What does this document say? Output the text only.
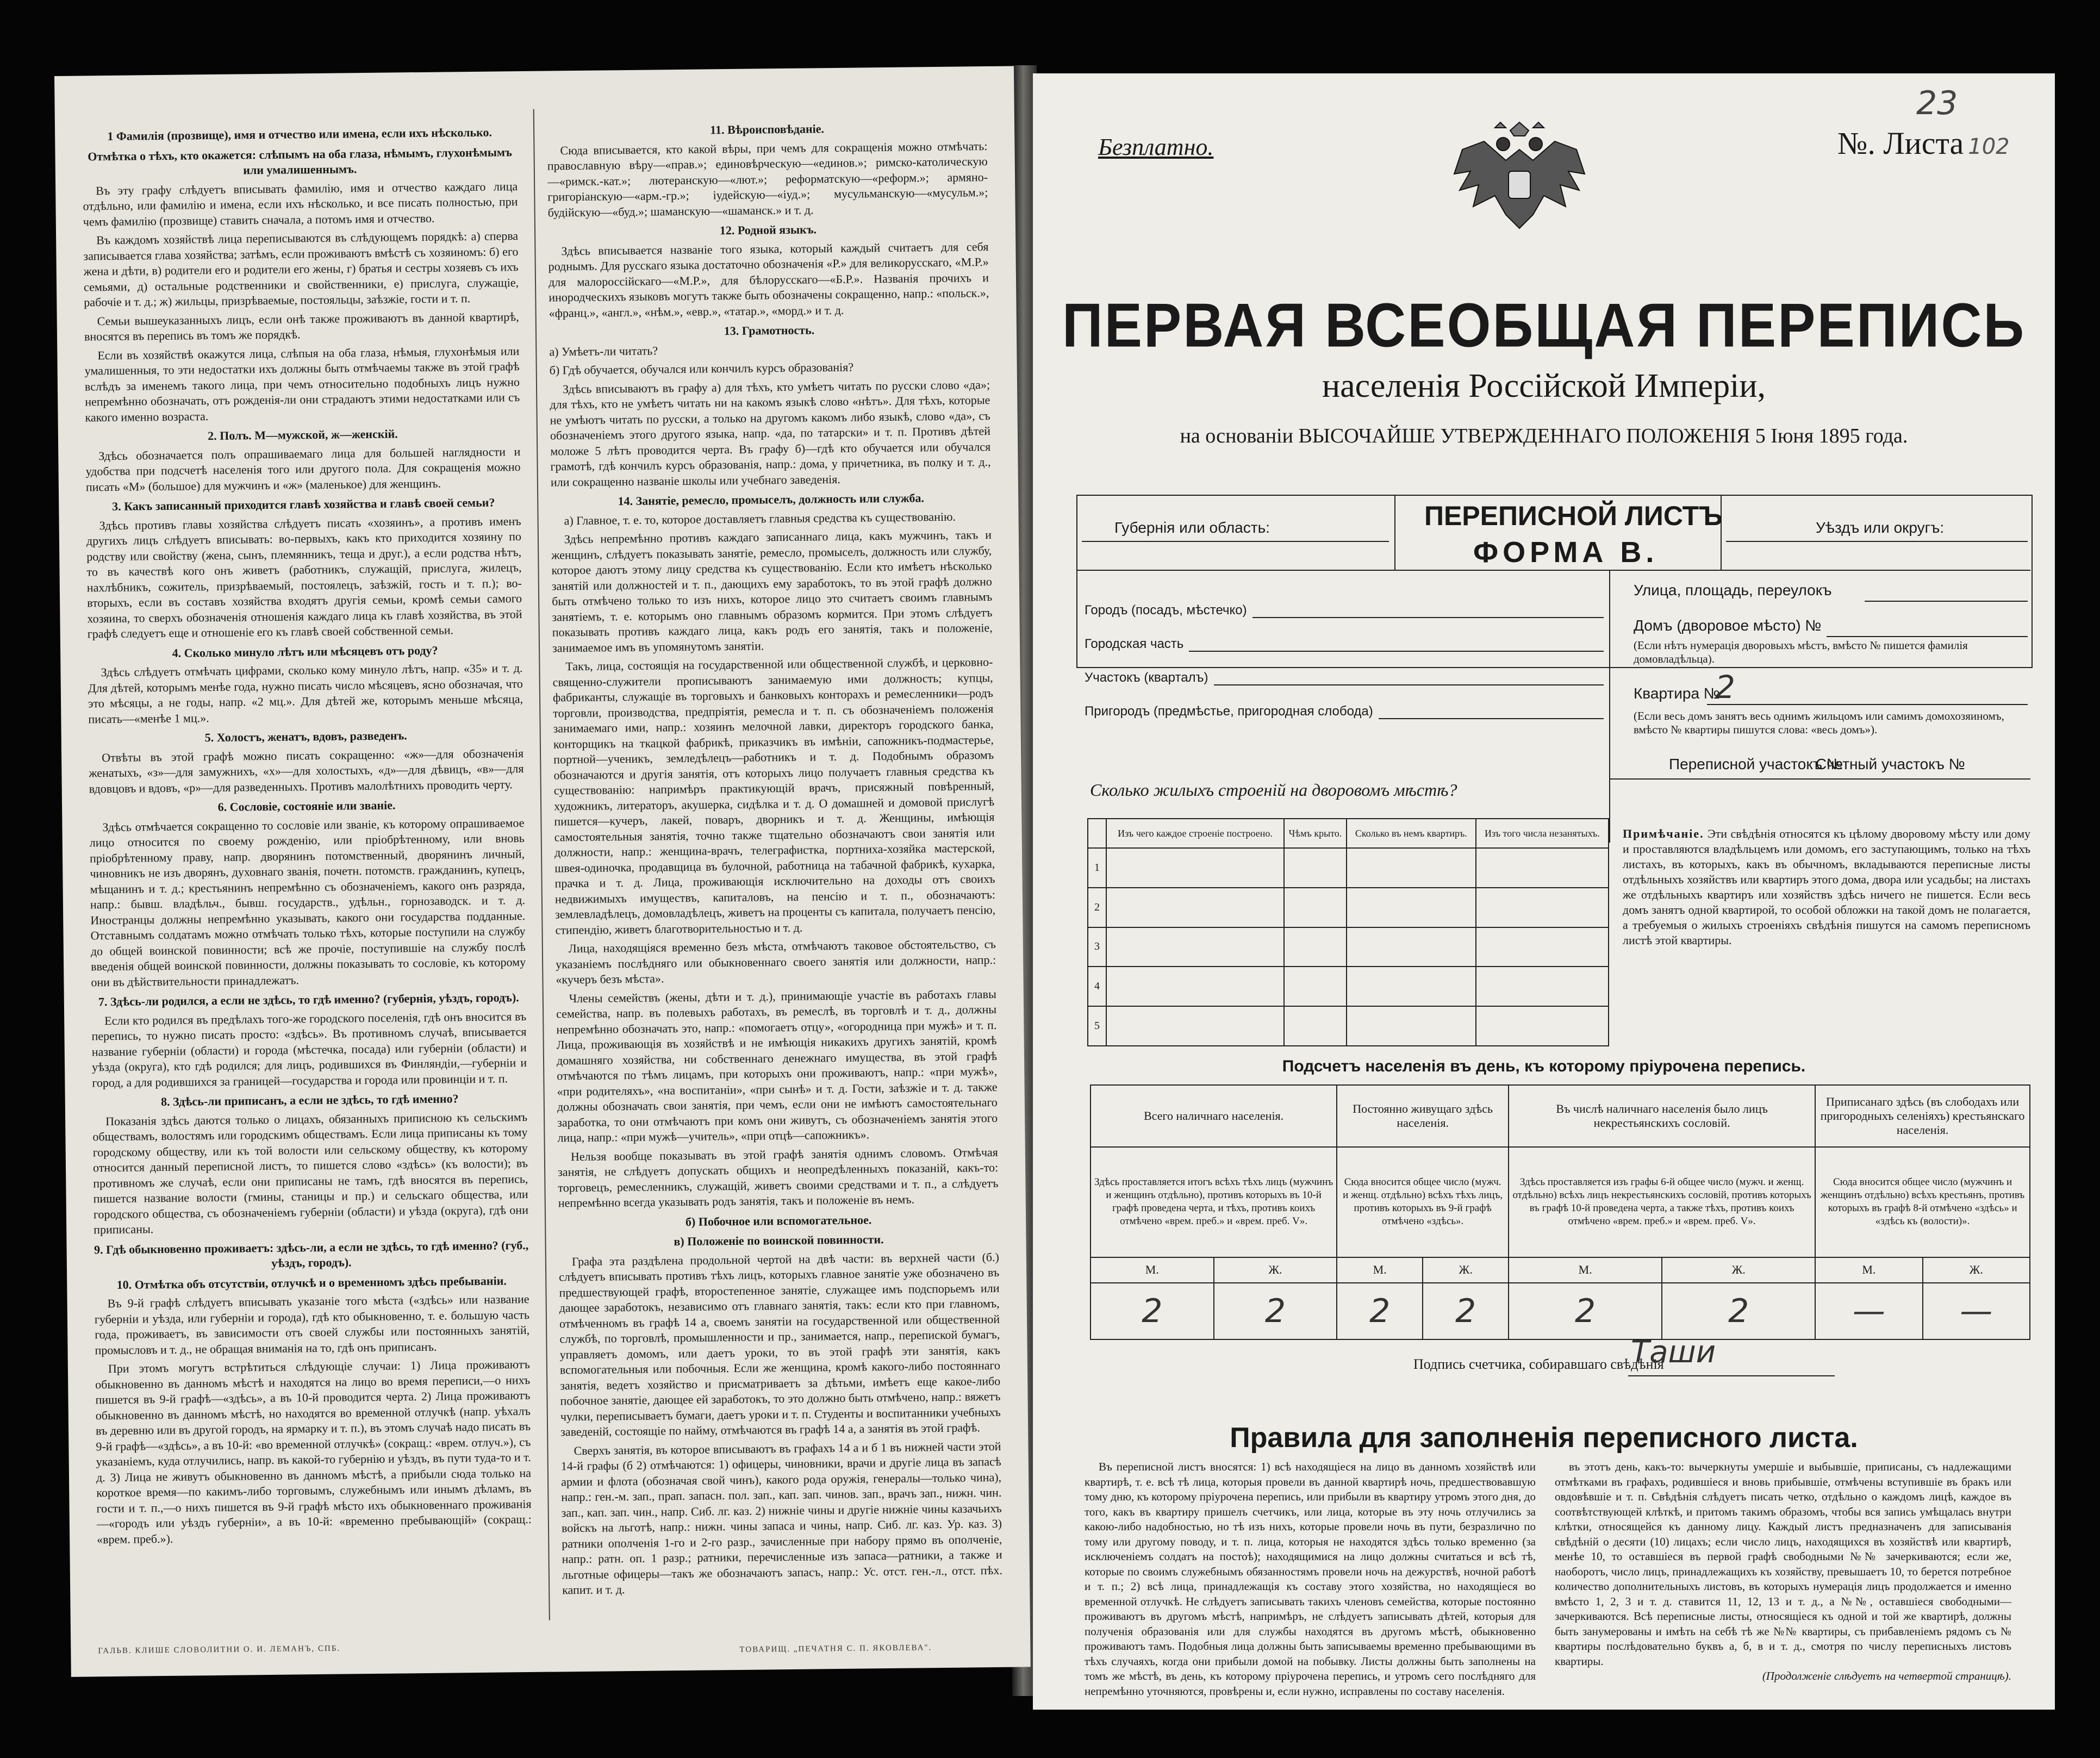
1 Фамилія (прозвище), имя и отчество или имена, если ихъ нѣсколько.

Отмѣтка о тѣхъ, кто окажется: слѣпымъ на оба глаза, нѣмымъ, глухонѣмымъ или умалишеннымъ.

Въ эту графу слѣдуетъ вписывать фамилію, имя и отчество каждаго лица отдѣльно, или фамилію и имена, если ихъ нѣсколько, и все писать полностью, при чемъ фамилію (прозвище) ставить сначала, а потомъ имя и отчество.

Въ каждомъ хозяйствѣ лица переписываются въ слѣдующемъ порядкѣ: а) сперва записывается глава хозяйства; затѣмъ, если проживаютъ вмѣстѣ съ хозяиномъ: б) его жена и дѣти, в) родители его и родители его жены, г) братья и сестры хозяевъ съ ихъ семьями, д) остальные родственники и свойственники, е) прислуга, служащіе, рабочіе и т. д.; ж) жильцы, призрѣваемые, постояльцы, заѣзжіе, гости и т. п.

Семьи вышеуказанныхъ лицъ, если онѣ также проживаютъ въ данной квартирѣ, вносятся въ перепись въ томъ же порядкѣ.

Если въ хозяйствѣ окажутся лица, слѣпыя на оба глаза, нѣмыя, глухонѣмыя или умалишенныя, то эти недостатки ихъ должны быть отмѣчаемы также въ этой графѣ вслѣдъ за именемъ такого лица, при чемъ относительно подобныхъ лицъ нужно непремѣнно обозначать, отъ рожденія-ли они страдаютъ этими недостатками или съ какого именно возраста.

2. Полъ. М—мужской, ж—женскій.

Здѣсь обозначается полъ опрашиваемаго лица для большей наглядности и удобства при подсчетѣ населенія того или другого пола. Для сокращенія можно писать «М» (большое) для мужчинъ и «ж» (маленькое) для женщинъ.

3. Какъ записанный приходится главѣ хозяйства и главѣ своей семьи?

Здѣсь противъ главы хозяйства слѣдуетъ писать «хозяинъ», а противъ именъ другихъ лицъ слѣдуетъ вписывать: во-первыхъ, какъ кто приходится хозяину по родству или свойству (жена, сынъ, племянникъ, теща и друг.), а если родства нѣтъ, то въ качествѣ кого онъ живетъ (работникъ, служащій, прислуга, жилецъ, нахлѣбникъ, сожитель, призрѣваемый, постоялецъ, заѣзжій, гость и т. п.); во-вторыхъ, если въ составъ хозяйства входятъ другія семьи, кромѣ семьи самого хозяина, то сверхъ обозначенія отношенія каждаго лица къ главѣ хозяйства, въ этой графѣ следуетъ еще и отношеніе его къ главѣ своей собственной семьи.

4. Сколько минуло лѣтъ или мѣсяцевъ отъ роду?

Здѣсь слѣдуетъ отмѣчать цифрами, сколько кому минуло лѣтъ, напр. «35» и т. д. Для дѣтей, которымъ менѣе года, нужно писать число мѣсяцевъ, ясно обозначая, что это мѣсяцы, а не годы, напр. «2 мц.». Для дѣтей же, которымъ меньше мѣсяца, писать—«менѣе 1 мц.».

5. Холостъ, женатъ, вдовъ, разведенъ.

Отвѣты въ этой графѣ можно писать сокращенно: «ж»—для обозначенія женатыхъ, «з»—для замужнихъ, «х»—для холостыхъ, «д»—для дѣвицъ, «в»—для вдовцовъ и вдовъ, «р»—для разведенныхъ. Противъ малолѣтнихъ проводить черту.

6. Сословіе, состояніе или званіе.

Здѣсь отмѣчается сокращенно то сословіе или званіе, къ которому опрашиваемое лицо относится по своему рожденію, или пріобрѣтенному, или вновь пріобрѣтенному праву, напр. дворянинъ потомственный, дворянинъ личный, чиновникъ не изъ дворянъ, духовнаго званія, почетн. потомств. гражданинъ, купецъ, мѣщанинъ и т. д.; крестьянинъ непремѣнно съ обозначеніемъ, какого онъ разряда, напр.: бывш. владѣльч., бывш. государств., удѣльн., горнозаводск. и т. д. Иностранцы должны непремѣнно указывать, какого они государства подданные. Отставнымъ солдатамъ можно отмѣчать только тѣхъ, которые поступили на службу до общей воинской повинности; всѣ же прочіе, поступившіе на службу послѣ введенія общей воинской повинности, должны показывать то сословіе, къ которому они въ дѣйствительности принадлежатъ.

7. Здѣсь-ли родился, а если не здѣсь, то гдѣ именно? (губернія, уѣздъ, городъ).

Если кто родился въ предѣлахъ того-же городского поселенія, гдѣ онъ вносится въ перепись, то нужно писать просто: «здѣсь». Въ противномъ случаѣ, вписывается название губерніи (области) и города (мѣстечка, посада) или губерніи (области) и уѣзда (округа), кто гдѣ родился; для лицъ, родившихся въ Финляндіи,—губерніи и город, а для родившихся за границей—государства и города или провинціи и т. п.

8. Здѣсь-ли приписанъ, а если не здѣсь, то гдѣ именно?

Показанія здѣсь даются только о лицахъ, обязанныхъ приписною къ сельскимъ обществамъ, волостямъ или городскимъ обществамъ. Если лица приписаны къ тому городскому обществу, или къ той волости или сельскому обществу, къ которому относится данный переписной листъ, то пишется слово «здѣсь» (къ волости); въ противномъ же случаѣ, если они приписаны не тамъ, гдѣ вносятся въ перепись, пишется название волости (гмины, станицы и пр.) и сельскаго общества, или городского общества, съ обозначеніемъ губерніи (области) и уѣзда (округа), гдѣ они приписаны.

9. Гдѣ обыкновенно проживаетъ: здѣсь-ли, а если не здѣсь, то гдѣ именно? (губ., уѣздъ, городъ).

10. Отмѣтка объ отсутствіи, отлучкѣ и о временномъ здѣсь пребываніи.

Въ 9-й графѣ слѣдуетъ вписывать указаніе того мѣста («здѣсь» или название губерніи и уѣзда, или губерніи и города), гдѣ кто обыкновенно, т. е. большую часть года, проживаетъ, въ зависимости отъ своей службы или постоянныхъ занятій, промысловъ и т. д., не обращая вниманія на то, гдѣ онъ приписанъ.

При этомъ могутъ встрѣтиться слѣдующіе случаи: 1) Лица проживаютъ обыкновенно въ данномъ мѣстѣ и находятся на лицо во время переписи,—о нихъ пишется въ 9-й графѣ—«здѣсь», а въ 10-й проводится черта. 2) Лица проживаютъ обыкновенно въ данномъ мѣстѣ, но находятся во временной отлучкѣ (напр. уѣхалъ въ деревню или въ другой городъ, на ярмарку и т. п.), въ этомъ случаѣ надо писать въ 9-й графѣ—«здѣсь», а въ 10-й: «во временной отлучкѣ» (сокращ.: «врем. отлуч.»), съ указаніемъ, куда отлучились, напр. въ какой-то губернію и уѣздъ, въ пути туда-то и т. д. 3) Лица не живутъ обыкновенно въ данномъ мѣстѣ, а прибыли сюда только на короткое время—по какимъ-либо торговымъ, служебнымъ или инымъ дѣламъ, въ гости и т. п.,—о нихъ пишется въ 9-й графѣ мѣсто ихъ обыкновеннаго проживанія—«городъ или уѣздъ губерніи», а въ 10-й: «временно пребывающій» (сокращ.: «врем. преб.»).

11. Вѣроисповѣданіе.

Сюда вписывается, кто какой вѣры, при чемъ для сокращенія можно отмѣчать: православную вѣру—«прав.»; единовѣрческую—«единов.»; римско-католическую—«римск.-кат.»; лютеранскую—«лют.»; реформатскую—«реформ.»; армяно-григоріанскую—«арм.-гр.»; іудейскую—«іуд.»; мусульманскую—«мусульм.»; будійскую—«буд.»; шаманскую—«шаманск.» и т. д.

12. Родной языкъ.

Здѣсь вписывается названіе того языка, который каждый считаетъ для себя роднымъ. Для русскаго языка достаточно обозначенія «Р.» для великорусскаго, «М.Р.» для малороссійскаго—«М.Р.», для бѣлорусскаго—«Б.Р.». Названія прочихъ и инородческихъ языковъ могутъ также быть обозначены сокращенно, напр.: «польск.», «франц.», «англ.», «нѣм.», «евр.», «татар.», «морд.» и т. д.

13. Грамотность.

а) Умѣетъ-ли читать?

б) Гдѣ обучается, обучался или кончилъ курсъ образованія?

Здѣсь вписываютъ въ графу а) для тѣхъ, кто умѣетъ читать по русски слово «да»; для тѣхъ, кто не умѣетъ читать ни на какомъ языкѣ слово «нѣтъ». Для тѣхъ, которые не умѣютъ читать по русски, а только на другомъ какомъ либо языкѣ, слово «да», съ обозначеніемъ этого другого языка, напр. «да, по татарски» и т. п. Противъ дѣтей моложе 5 лѣтъ проводится черта. Въ графу б)—гдѣ кто обучается или обучался грамотѣ, гдѣ кончилъ курсъ образованія, напр.: дома, у причетника, въ полку и т. д., или сокращенно названіе школы или учебнаго заведенія.

14. Занятіе, ремесло, промыселъ, должность или служба.

а) Главное, т. е. то, которое доставляетъ главныя средства къ существованію.

Здѣсь непремѣнно противъ каждаго записаннаго лица, какъ мужчинъ, такъ и женщинъ, слѣдуетъ показывать занятіе, ремесло, промыселъ, должность или службу, которое даютъ этому лицу средства къ существованію. Если кто имѣетъ нѣсколько занятій или должностей и т. п., дающихъ ему заработокъ, то въ этой графѣ должно быть отмѣчено только то изъ нихъ, которое лицо это считаетъ своимъ главнымъ занятіемъ, т. е. которымъ оно главнымъ образомъ кормится. При этомъ слѣдуетъ показывать противъ каждаго лица, какъ родъ его занятія, такъ и положеніе, занимаемое имъ въ упомянутомъ занятіи.

Такъ, лица, состоящія на государственной или общественной службѣ, и церковно-священно-служители прописываютъ занимаемую ими должность; купцы, фабриканты, служащіе въ торговыхъ и банковыхъ конторахъ и ремесленники—родъ торговли, производства, предпріятія, ремесла и т. п. съ обозначеніемъ положенія занимаемаго ими, напр.: хозяинъ мелочной лавки, директоръ городского банка, конторщикъ на ткацкой фабрикѣ, приказчикъ въ имѣніи, сапожникъ-подмастерье, портной—ученикъ, земледѣлецъ—работникъ и т. д. Подобнымъ образомъ обозначаются и другія занятія, отъ которыхъ лицо получаетъ главныя средства къ существованію: напримѣръ практикующій врачъ, присяжный повѣренный, художникъ, литераторъ, акушерка, сидѣлка и т. д. О домашней и домовой прислугѣ пишется—кучеръ, лакей, поваръ, дворникъ и т. д. Женщины, имѣющія самостоятельныя занятія, точно также тщательно обозначаютъ свои занятія или должности, напр.: женщина-врачъ, телеграфистка, портниха-хозяйка мастерской, швея-одиночка, продавщица въ булочной, работница на табачной фабрикѣ, кухарка, прачка и т. д. Лица, проживающія исключительно на доходы отъ своихъ недвижимыхъ имуществъ, капиталовъ, на пенсію и т. п., обозначаютъ: землевладѣлецъ, домовладѣлецъ, живетъ на проценты съ капитала, получаетъ пенсію, стипендію, живетъ благотворительностью и т. д.

Лица, находящіяся временно безъ мѣста, отмѣчаютъ таковое обстоятельство, съ указаніемъ послѣдняго или обыкновеннаго своего занятія или должности, напр.: «кучеръ безъ мѣста».

Члены семействъ (жены, дѣти и т. д.), принимающіе участіе въ работахъ главы семейства, напр. въ полевыхъ работахъ, въ ремеслѣ, въ торговлѣ и т. д., должны непремѣнно обозначать это, напр.: «помогаетъ отцу», «огородница при мужѣ» и т. п. Лица, проживающія въ хозяйствѣ и не имѣющія никакихъ другихъ занятій, кромѣ домашняго хозяйства, ни собственнаго денежнаго имущества, въ этой графѣ отмѣчаются по тѣмъ лицамъ, при которыхъ они проживаютъ, напр.: «при мужѣ», «при родителяхъ», «на воспитаніи», «при сынѣ» и т. д. Гости, заѣзжіе и т. д. также должны обозначать свои занятія, при чемъ, если они не имѣютъ самостоятельнаго заработка, то они отмѣчаютъ при комъ они живутъ, съ обозначеніемъ занятія этого лица, напр.: «при мужѣ—учитель», «при отцѣ—сапожникъ».

Нельзя вообще показывать въ этой графѣ занятія однимъ словомъ. Отмѣчая занятія, не слѣдуетъ допускать общихъ и неопредѣленныхъ показаній, какъ-то: торговецъ, ремесленникъ, служащій, живетъ своими средствами и т. п., а слѣдуетъ непремѣнно всегда указывать родъ занятія, такъ и положеніе въ немъ.

б) Побочное или вспомогательное.

в) Положеніе по воинской повинности.

Графа эта раздѣлена продольной чертой на двѣ части: въ верхней части (б.) слѣдуетъ вписывать противъ тѣхъ лицъ, которыхъ главное занятіе уже обозначено въ предшествующей графѣ, второстепенное занятіе, служащее имъ подспорьемъ или дающее заработокъ, независимо отъ главнаго занятія, такъ: если кто при главномъ, отмѣченномъ въ графѣ 14 а, своемъ занятіи на государственной или общественной службѣ, по торговлѣ, промышленности и пр., занимается, напр., перепиской бумагъ, управляетъ домомъ, или даетъ уроки, то въ этой графѣ эти занятія, какъ вспомогательныя или побочныя. Если же женщина, кромѣ какого-либо постояннаго занятія, ведетъ хозяйство и присматриваетъ за дѣтьми, имѣетъ еще какое-либо побочное занятіе, дающее ей заработокъ, то это должно быть отмѣчено, напр.: вяжетъ чулки, переписываетъ бумаги, даетъ уроки и т. п. Студенты и воспитанники учебныхъ заведеній, состоящіе по найму, отмѣчаются въ графѣ 14 а, а занятія въ этой графѣ.

Сверхъ занятія, въ которое вписываютъ въ графахъ 14 а и б 1 въ нижней части этой 14-й графы (б 2) отмѣчаются: 1) офицеры, чиновники, врачи и другіе лица въ запасѣ армии и флота (обозначая свой чинъ), какого рода оружія, генералы—только чина), напр.: ген.-м. зап., прап. запасн. пол. зап., кап. зап. чинов. зап., врачъ зап., нижн. чин. зап., кап. зап. чин., напр. Сиб. лг. каз. 2) нижніе чины и другіе нижніе чины казачьихъ войскъ на льготѣ, напр.: нижн. чины запаса и чины, напр. Сиб. лг. каз. Ур. каз. 3) ратники ополченія 1-го и 2-го разр., зачисленные при набору прямо въ ополченіе, напр.: ратн. оп. 1 разр.; ратники, перечисленные изъ запаса—ратники, а также и льготные офицеры—такъ же обозначаютъ запасъ, напр.: Ус. отст. ген.-л., отст. пѣх. капит. и т. д.

ГАЛЬВ. КЛИШЕ СЛОВОЛИТНИ О. И. ЛЕМАНЪ, СПБ.	ТОВАРИЩ. „ПЕЧАТНЯ С. П. ЯКОВЛЕВА".
23
Безплатно.	№. Листа 102
ПЕРВАЯ ВСЕОБЩАЯ ПЕРЕПИСЬ
населенія Россійской Имперіи,
на основаніи ВЫСОЧАЙШЕ УТВЕРЖДЕННАГО ПОЛОЖЕНІЯ 5 Іюня 1895 года.
Губернія или область:	ПЕРЕПИСНОЙ ЛИСТЪ
ФОРМА В.
Уѣздъ или округъ:
Городъ (посадъ, мѣстечко)
Городская часть
Участокъ (кварталъ)
Пригородъ (предмѣстье, пригородная слобода)
Улица, площадь, переулокъ
Домъ (дворовое мѣсто) №
(Если нѣтъ нумерація дворовыхъ мѣстъ, вмѣсто № пишется фамилія домовладѣльца).
Квартира №
2
(Если весь домъ занятъ весь однимъ жильцомъ или самимъ домохозяиномъ, вмѣсто № квартиры пишутся слова: «весь домъ»).
Переписной участокъ №
Счетный участокъ №
Сколько жилыхъ строеній на дворовомъ мѣстѣ?
	Изъ чего каждое строеніе построено.	Чѣмъ крыто.	Сколько въ немъ квартиръ.	Изъ того числа незанятыхъ.
1				
2				
3				
4				
5				
Примѣчаніе. Эти свѣдѣнія относятся къ цѣлому дворовому мѣсту или дому и проставляются владѣльцемъ или домомъ, его заступающимъ, только на тѣхъ листахъ, въ которыхъ, какъ въ обычномъ, вкладываются переписные листы отдѣльныхъ хозяйствъ или квартиръ этого дома, двора или усадьбы; на листахъ же отдѣльныхъ квартиръ или хозяйствъ здѣсь ничего не пишется. Если весь домъ занятъ одной квартирой, то особой обложки на такой домъ не полагается, а требуемыя о жилыхъ строеніяхъ свѣдѣнія пишутся на самомъ переписномъ листѣ этой квартиры.
Подсчетъ населенія въ день, къ которому пріурочена перепись.
Всего наличнаго населенія.		Постоянно живущаго здѣсь населенія.		Въ числѣ наличнаго населенія было лицъ некрестьянскихъ сословій.		Приписанаго здѣсь (въ слободахъ или пригородныхъ селеніяхъ) крестьянскаго населенія.	
Здѣсь проставляется итогъ всѣхъ тѣхъ лицъ (мужчинъ и женщинъ отдѣльно), противъ которыхъ въ 10-й графѣ проведена черта, и тѣхъ, противъ коихъ отмѣчено «врем. преб.» и «врем. преб. V».		Сюда вносится общее число (мужч. и женщ. отдѣльно) всѣхъ тѣхъ лицъ, противъ которыхъ въ 9-й графѣ отмѣчено «здѣсь».		Здѣсь проставляется изъ графы 6-й общее число (мужч. и женщ. отдѣльно) всѣхъ лицъ некрестьянскихъ сословій, противъ которыхъ въ графѣ 10-й проведена черта, а также тѣхъ, противъ коихъ отмѣчено «врем. преб.» и «врем. преб. V».		Сюда вносится общее число (мужчинъ и женщинъ отдѣльно) всѣхъ крестьянъ, противъ которыхъ въ графѣ 8-й отмѣчено «здѣсь» и «здѣсь къ (волости)».	
М.	Ж.	М.	Ж.	М.	Ж.	М.	Ж.
2	2	2	2	2	2	—	—
Подпись счетчика, собиравшаго свѣдѣнія
Таши
Правила для заполненія переписного листа.

Въ переписной листъ вносятся: 1) всѣ находящіеся на лицо въ данномъ хозяйствѣ или квартирѣ, т. е. всѣ тѣ лица, которыя провели въ данной квартирѣ ночь, предшествовавшую тому дню, къ которому пріурочена перепись, или прибыли въ квартиру утромъ этого дня, до того, какъ въ квартиру пришелъ счетчикъ, или лица, которые въ эту ночь отлучились за какою-либо надобностью, но тѣ изъ нихъ, которые провели ночь въ пути, безразлично по тому или другому поводу, и т. п. лица, которыя не находятся здѣсь только временно (за исключеніемъ солдатъ на постоѣ); находящимися на лицо должны считаться и всѣ тѣ, которые по своимъ служебнымъ обязанностямъ провели ночь на дежурствѣ, ночной работѣ и т. п.; 2) всѣ лица, принадлежащія къ составу этого хозяйства, но находящіеся во временной отлучкѣ. Не слѣдуетъ записывать такихъ членовъ семейства, которые постоянно проживаютъ въ другомъ мѣстѣ, напримѣръ, не слѣдуетъ записывать дѣтей, которыя для полученія образованія или для службы находятся въ другомъ мѣстѣ, обыкновенно проживаютъ тамъ. Подобныя лица должны быть записываемы временно пребывающими въ тѣхъ случаяхъ, когда они прибыли домой на побывку. Листы должны быть заполнены на томъ же мѣстѣ, въ день, къ которому пріурочена перепись, и утромъ сего послѣдняго для непремѣнно уточняются, провѣрены и, если нужно, исправлены по составу населенія.

въ этотъ день, какъ-то: вычеркнуты умершіе и выбывшіе, приписаны, съ надлежащими отмѣтками въ графахъ, родившіеся и вновь прибывшіе, отмѣчены вступившіе въ бракъ или овдовѣвшіе и т. п. Свѣдѣнія слѣдуетъ писать четко, отдѣльно о каждомъ лицѣ, каждое въ соотвѣтствующей клѣткѣ, и притомъ такимъ образомъ, чтобы вся запись умѣщалась внутри клѣтки, относящейся къ данному лицу. Каждый листъ предназначенъ для записыванія свѣдѣній о десяти (10) лицахъ; если число лицъ, находящихся въ хозяйствѣ или квартирѣ, менѣе 10, то оставшіеся въ первой графѣ свободными №№ зачеркиваются; если же, наоборотъ, число лицъ, принадлежащихъ къ хозяйству, превышаетъ 10, то берется потребное количество дополнительныхъ листовъ, въ которыхъ нумерація лицъ продолжается и именно вмѣсто 1, 2, 3 и т. д. ставится 11, 12, 13 и т. д., а №№, оставшіеся свободными—зачеркиваются. Всѣ переписные листы, относящіеся къ одной и той же квартирѣ, должны быть занумерованы и имѣть на себѣ тѣ же №№ квартиры, съ прибавленіемъ рядомъ съ № квартиры послѣдовательно буквъ а, б, в и т. д., смотря по числу переписныхъ листовъ квартиры.

(Продолженіе слѣдуетъ на четвертой страницѣ).
